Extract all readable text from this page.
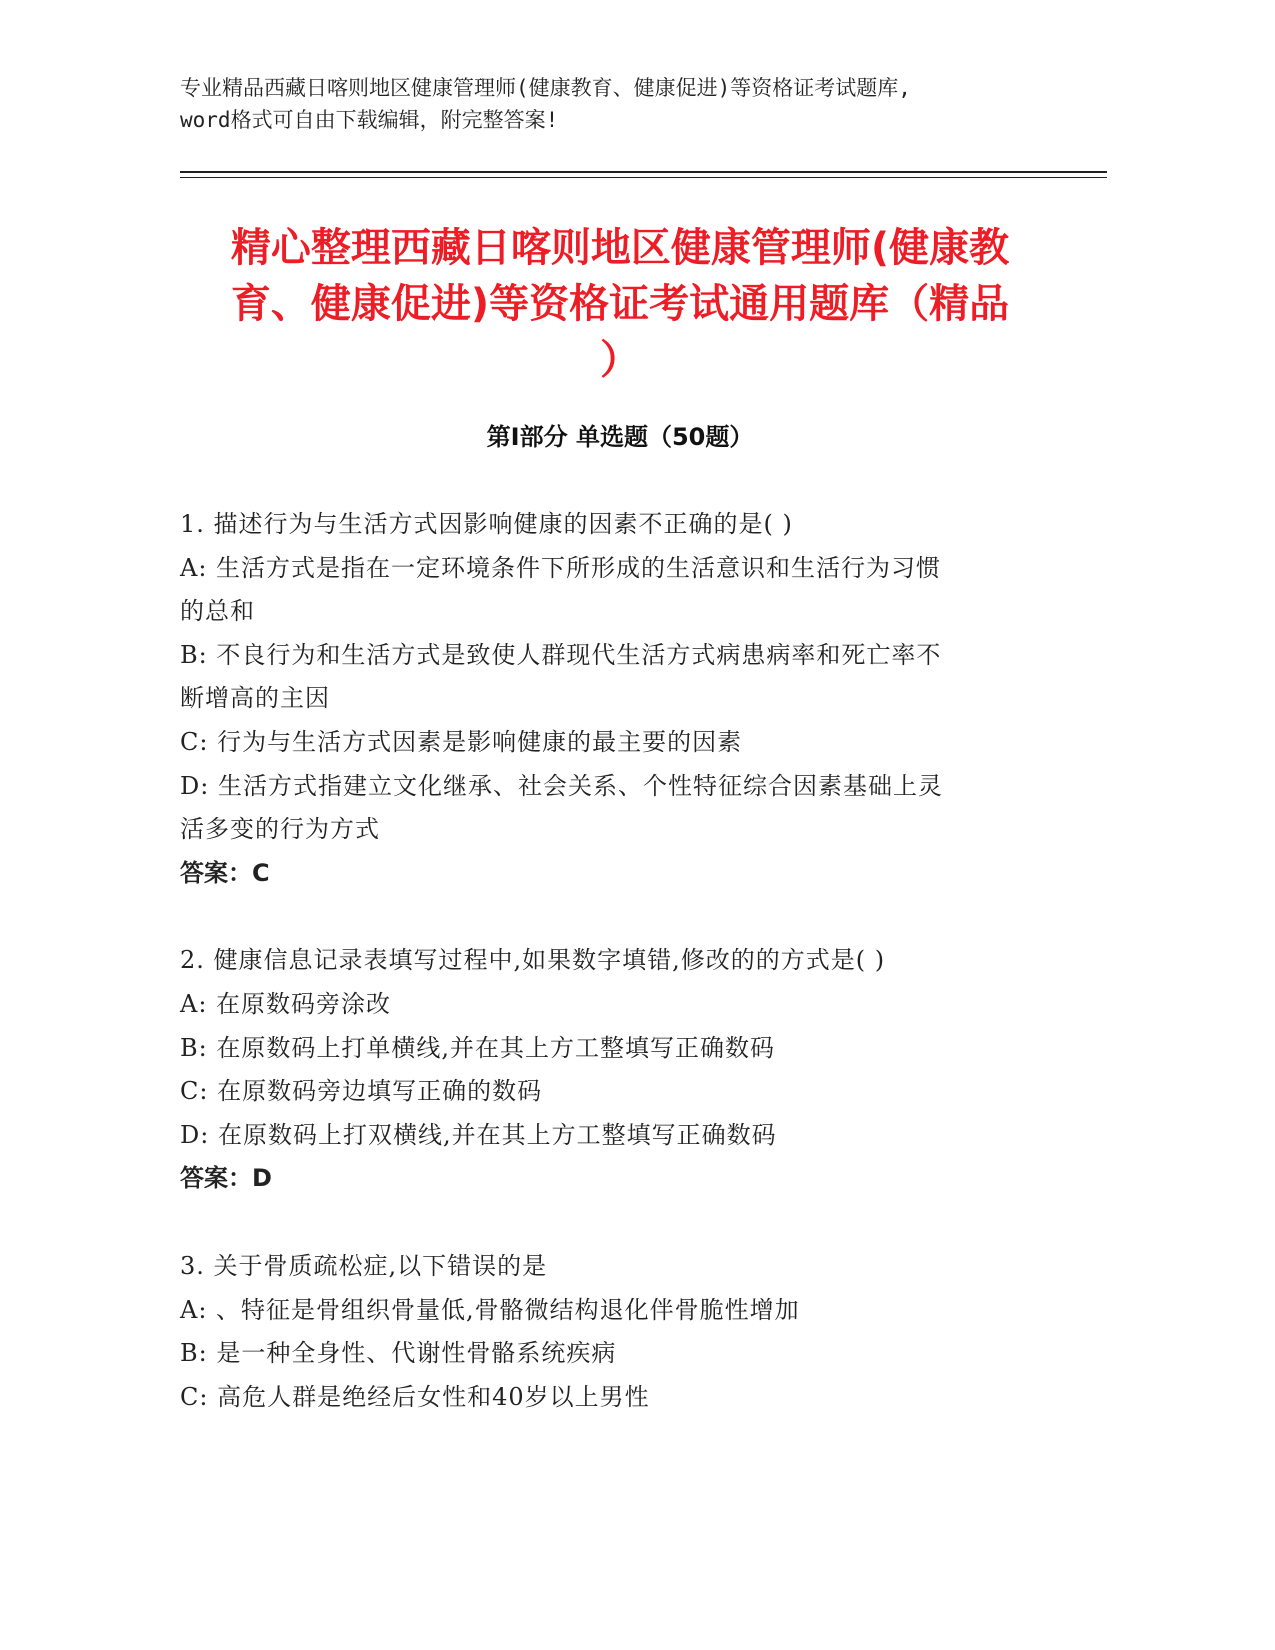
专业精品西藏日喀则地区健康管理师(健康教育、健康促进)等资格证考试题库,
word格式可自由下载编辑，附完整答案!
精心整理西藏日喀则地区健康管理师(健康教
育、健康促进)等资格证考试通用题库（精品
）
第Ⅰ部分 单选题（50题）
1. 描述行为与生活方式因影响健康的因素不正确的是( )
A: 生活方式是指在一定环境条件下所形成的生活意识和生活行为习惯
的总和
B: 不良行为和生活方式是致使人群现代生活方式病患病率和死亡率不
断增高的主因
C: 行为与生活方式因素是影响健康的最主要的因素
D: 生活方式指建立文化继承、社会关系、个性特征综合因素基础上灵
活多变的行为方式
答案：C
2. 健康信息记录表填写过程中,如果数字填错,修改的的方式是( )
A: 在原数码旁涂改
B: 在原数码上打单横线,并在其上方工整填写正确数码
C: 在原数码旁边填写正确的数码
D: 在原数码上打双横线,并在其上方工整填写正确数码
答案：D
3. 关于骨质疏松症,以下错误的是
A: 、特征是骨组织骨量低,骨骼微结构退化伴骨脆性增加
B: 是一种全身性、代谢性骨骼系统疾病
C: 高危人群是绝经后女性和40岁以上男性
